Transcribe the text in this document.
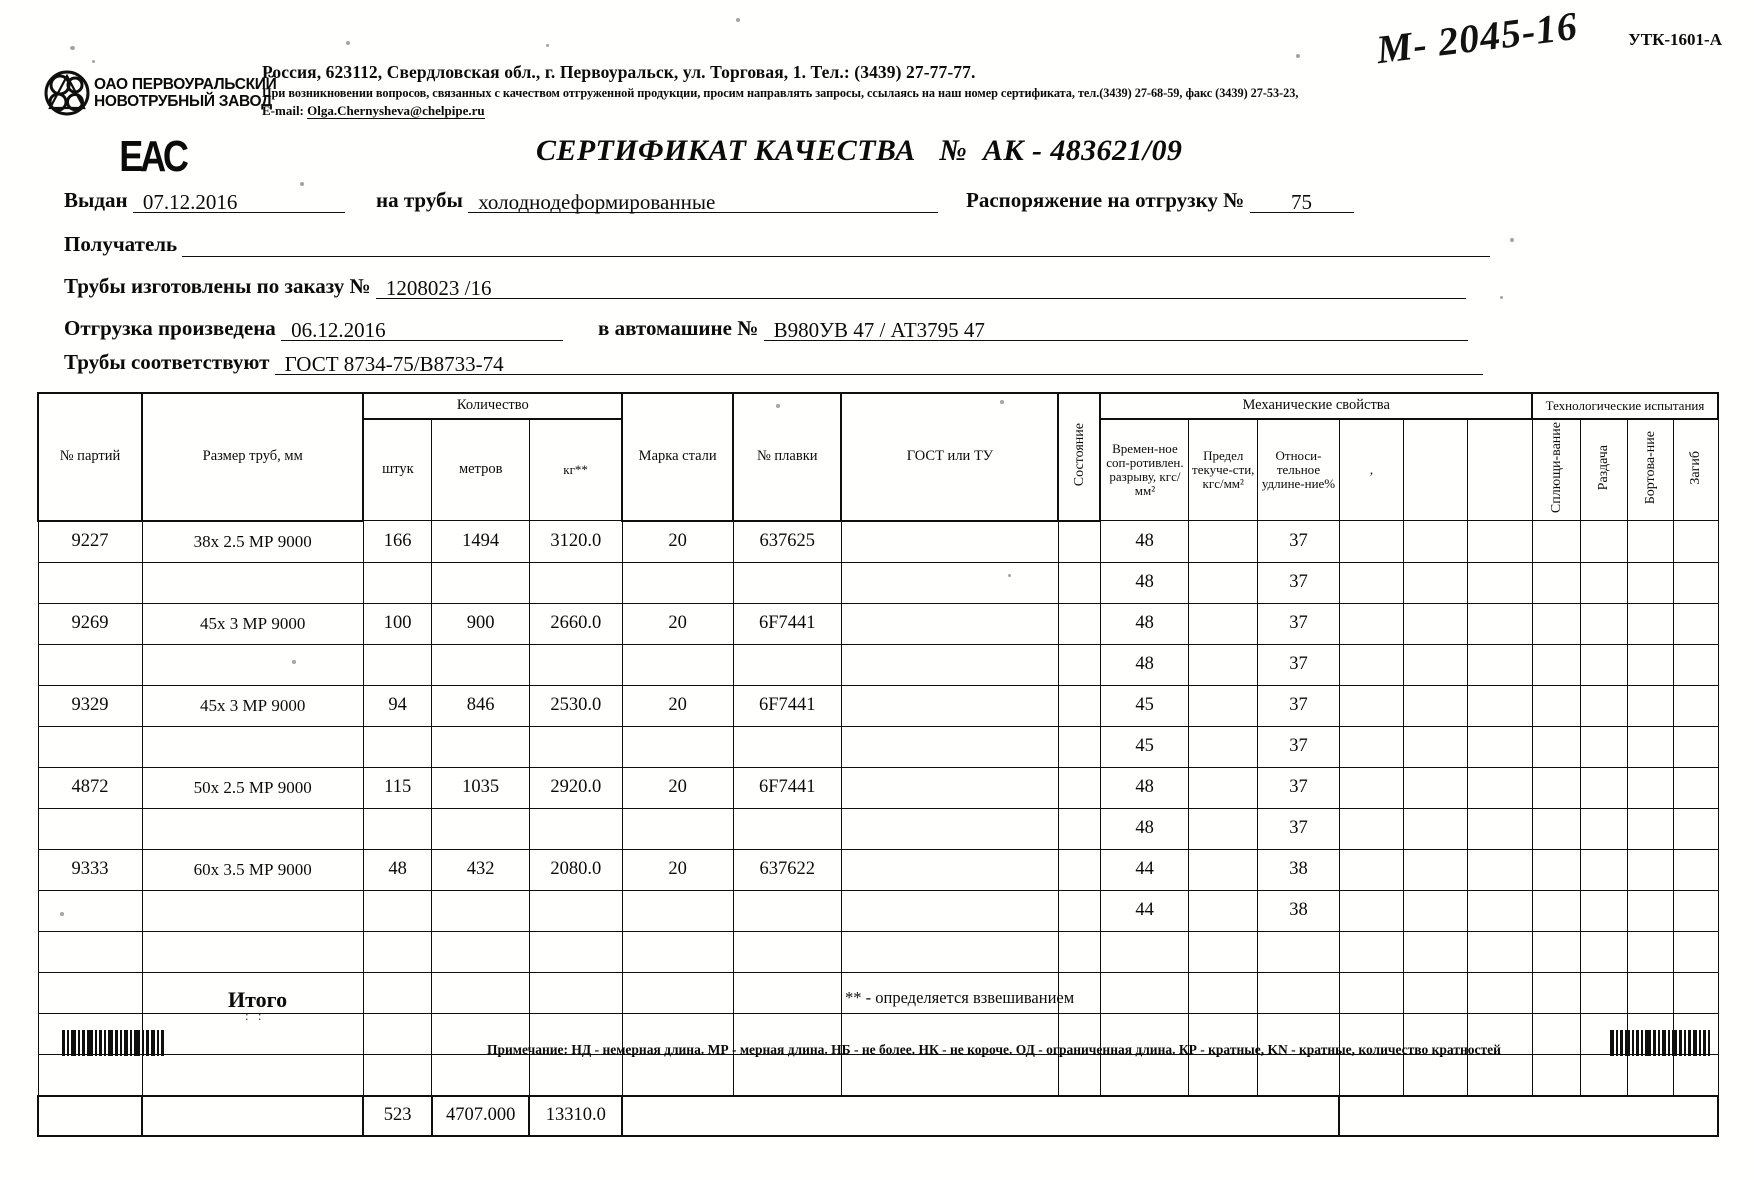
ОАО ПЕРВОУРАЛЬСКИЙ
НОВОТРУБНЫЙ ЗАВОД
Россия, 623112, Свердловская обл., г. Первоуральск, ул. Торговая, 1. Тел.: (3439) 27-77-77.
При возникновении вопросов, связанных с качеством отгруженной продукции, просим направлять запросы, ссылаясь на наш номер сертификата, тел.(3439) 27-68-59, факс (3439) 27-53-23,
E-mail: Olga.Chernysheva@chelpipe.ru
УТК-1601-А
М- 2045-16
EAC	СЕРТИФИКАТ КАЧЕСТВА № АК - 483621/09
Выдан 07.12.2016	на трубы холоднодеформированные	Распоряжение на отгрузку № 75
Получатель
Трубы изготовлены по заказу № 1208023 /16
Отгрузка произведена 06.12.2016	в автомашине № В980УВ 47 / АТ3795 47
Трубы соответствуют ГОСТ 8734-75/В8733-74
№ партий	Размер труб, мм	Количество			Марка стали	№ плавки	ГОСТ или ТУ	Состояние	Механические свойства						Технологические испытания			
		штук	метров	кг**					Времен-ное соп-ротивлен. разрыву, кгс/мм²	Предел текуче-сти, кгс/мм²	Относи-тельное удлине-ние%	,			Сплющи-вание	Раздача	Бортова-ние	Загиб

9227	38х 2.5 МР 9000	166	1494	3120.0	20	637625			48		37							
									48		37							
9269	45х 3 МР 9000	100	900	2660.0	20	6F7441			48		37							
									48		37							
9329	45х 3 МР 9000	94	846	2530.0	20	6F7441			45		37							
									45		37							
4872	50х 2.5 МР 9000	115	1035	2920.0	20	6F7441			48		37							
									48		37							
9333	60х 3.5 МР 9000	48	432	2080.0	20	637622			44		38							
									44		38							

		523	4707.000	13310.0														
Итого
: :
** - определяется взвешиванием
Примечание: НД - немерная длина. МР - мерная длина. НБ - не более. НК - не короче. ОД - ограниченная длина. КР - кратные, KN - кратные, количество кратностей
